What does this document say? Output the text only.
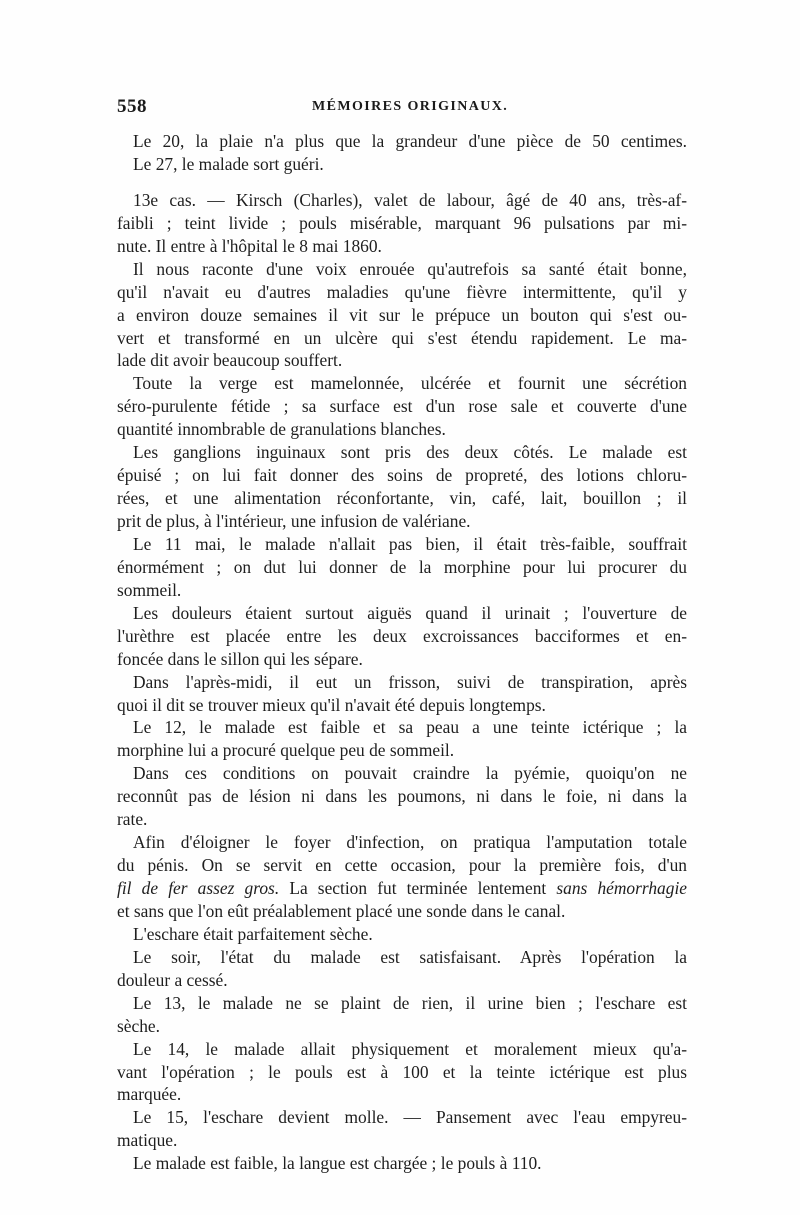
558	MÉMOIRES ORIGINAUX.
Le 20, la plaie n'a plus que la grandeur d'une pièce de 50 centimes.
Le 27, le malade sort guéri.
13e cas. — Kirsch (Charles), valet de labour, âgé de 40 ans, très-af-
faibli ; teint livide ; pouls misérable, marquant 96 pulsations par mi-
nute. Il entre à l'hôpital le 8 mai 1860.
Il nous raconte d'une voix enrouée qu'autrefois sa santé était bonne,
qu'il n'avait eu d'autres maladies qu'une fièvre intermittente, qu'il y
a environ douze semaines il vit sur le prépuce un bouton qui s'est ou-
vert et transformé en un ulcère qui s'est étendu rapidement. Le ma-
lade dit avoir beaucoup souffert.
Toute la verge est mamelonnée, ulcérée et fournit une sécrétion
séro-purulente fétide ; sa surface est d'un rose sale et couverte d'une
quantité innombrable de granulations blanches.
Les ganglions inguinaux sont pris des deux côtés. Le malade est
épuisé ; on lui fait donner des soins de propreté, des lotions chloru-
rées, et une alimentation réconfortante, vin, café, lait, bouillon ; il
prit de plus, à l'intérieur, une infusion de valériane.
Le 11 mai, le malade n'allait pas bien, il était très-faible, souffrait
énormément ; on dut lui donner de la morphine pour lui procurer du
sommeil.
Les douleurs étaient surtout aiguës quand il urinait ; l'ouverture de
l'urèthre est placée entre les deux excroissances bacciformes et en-
foncée dans le sillon qui les sépare.
Dans l'après-midi, il eut un frisson, suivi de transpiration, après
quoi il dit se trouver mieux qu'il n'avait été depuis longtemps.
Le 12, le malade est faible et sa peau a une teinte ictérique ; la
morphine lui a procuré quelque peu de sommeil.
Dans ces conditions on pouvait craindre la pyémie, quoiqu'on ne
reconnût pas de lésion ni dans les poumons, ni dans le foie, ni dans la
rate.
Afin d'éloigner le foyer d'infection, on pratiqua l'amputation totale
du pénis. On se servit en cette occasion, pour la première fois, d'un
fil de fer assez gros. La section fut terminée lentement sans hémorrhagie
et sans que l'on eût préalablement placé une sonde dans le canal.
L'eschare était parfaitement sèche.
Le soir, l'état du malade est satisfaisant. Après l'opération la
douleur a cessé.
Le 13, le malade ne se plaint de rien, il urine bien ; l'eschare est
sèche.
Le 14, le malade allait physiquement et moralement mieux qu'a-
vant l'opération ; le pouls est à 100 et la teinte ictérique est plus
marquée.
Le 15, l'eschare devient molle. — Pansement avec l'eau empyreu-
matique.
Le malade est faible, la langue est chargée ; le pouls à 110.
